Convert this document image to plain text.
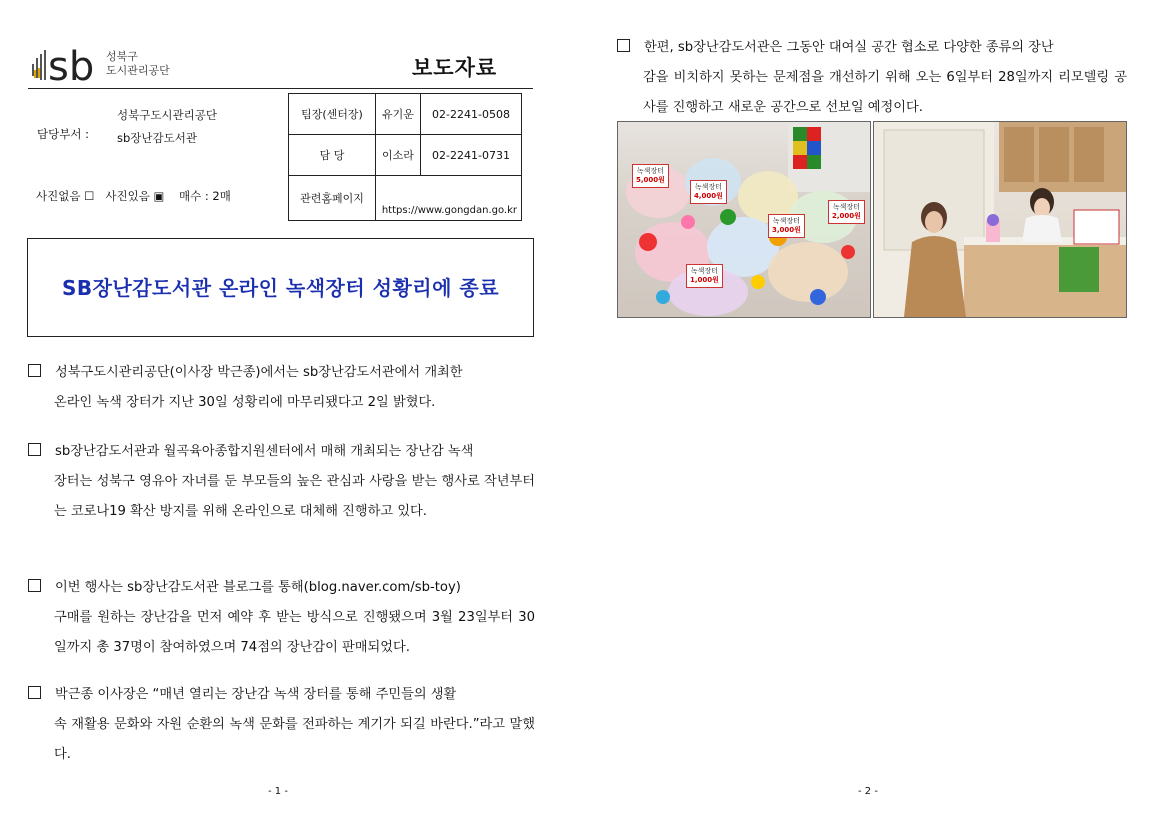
sb 성북구
도시관리공단	보도자료
성북구도시관리공단
담당부서 : sb장난감도서관
사진없음 ☐ 사진있음 ▣ 매수 : 2매
팀장(센터장)	유기운	02-2241-0508
담 당	이소라	02-2241-0731
관련홈페이지	https://www.gongdan.go.kr	
SB장난감도서관 온라인 녹색장터 성황리에 종료
성북구도시관리공단(이사장 박근종)에서는 sb장난감도서관에서 개최한
온라인 녹색 장터가 지난 30일 성황리에 마무리됐다고 2일 밝혔다.
sb장난감도서관과 월곡육아종합지원센터에서 매해 개최되는 장난감 녹색
장터는 성북구 영유아 자녀를 둔 부모들의 높은 관심과 사랑을 받는 행사로 작년부터는 코로나19 확산 방지를 위해 온라인으로 대체해 진행하고 있다.
이번 행사는 sb장난감도서관 블로그를 통해(blog.naver.com/sb-toy)
구매를 원하는 장난감을 먼저 예약 후 받는 방식으로 진행됐으며 3월 23일부터 30일까지 총 37명이 참여하였으며 74점의 장난감이 판매되었다.
박근종 이사장은 “매년 열리는 장난감 녹색 장터를 통해 주민들의 생활
속 재활용 문화와 자원 순환의 녹색 문화를 전파하는 계기가 되길 바란다.”라고 말했다.
한편, sb장난감도서관은 그동안 대여실 공간 협소로 다양한 종류의 장난
감을 비치하지 못하는 문제점을 개선하기 위해 오는 6일부터 28일까지 리모델링 공사를 진행하고 새로운 공간으로 선보일 예정이다.
녹색장터
5,000원
녹색장터
4,000원
녹색장터
3,000원
녹색장터
2,000원
녹색장터
1,000원
- 1 -	- 2 -
